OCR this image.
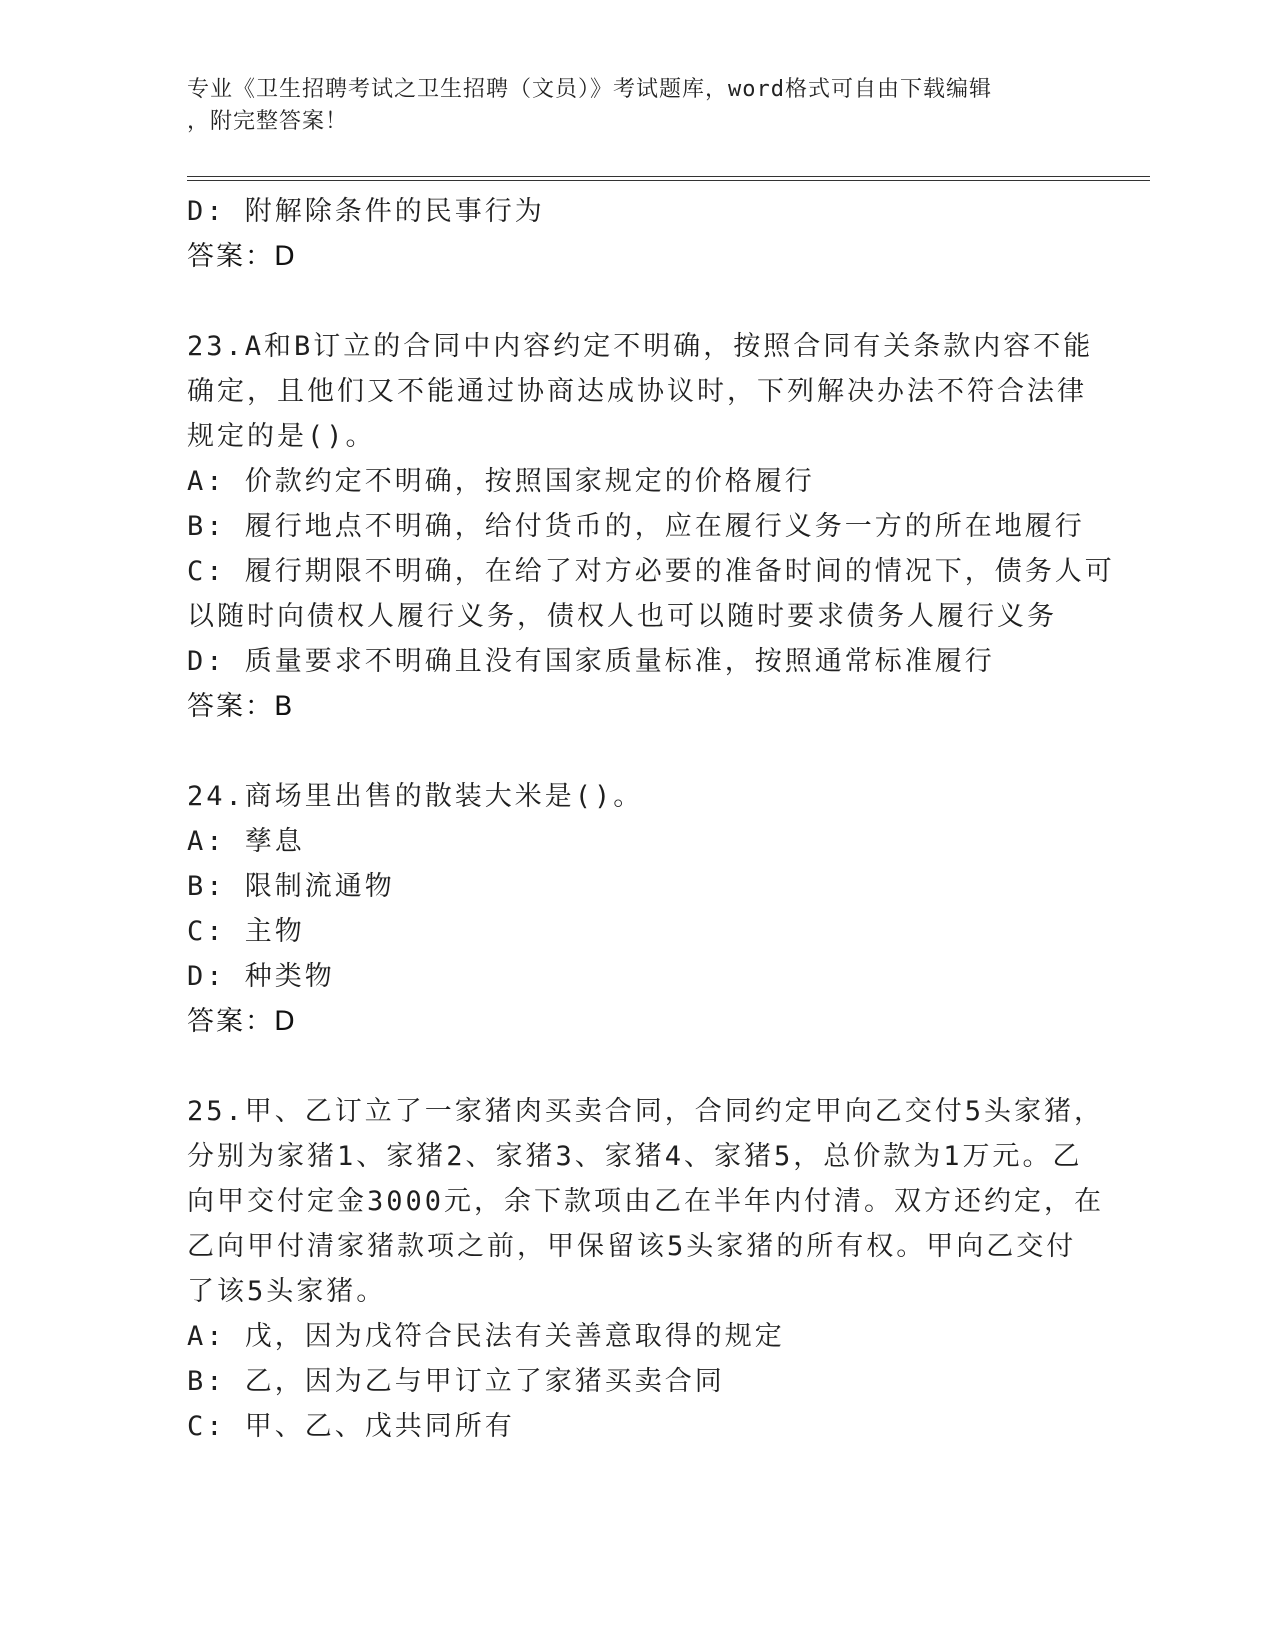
专业《卫生招聘考试之卫生招聘（文员）》考试题库，word格式可自由下载编辑
，附完整答案！
D: 附解除条件的民事行为
答案：D
23.A和B订立的合同中内容约定不明确，按照合同有关条款内容不能
确定，且他们又不能通过协商达成协议时，下列解决办法不符合法律
规定的是()。
A: 价款约定不明确，按照国家规定的价格履行
B: 履行地点不明确，给付货币的，应在履行义务一方的所在地履行
C: 履行期限不明确，在给了对方必要的准备时间的情况下，债务人可
以随时向债权人履行义务，债权人也可以随时要求债务人履行义务
D: 质量要求不明确且没有国家质量标准，按照通常标准履行
答案：B
24.商场里出售的散装大米是()。
A: 孳息
B: 限制流通物
C: 主物
D: 种类物
答案：D
25.甲、乙订立了一家猪肉买卖合同，合同约定甲向乙交付5头家猪，
分别为家猪1、家猪2、家猪3、家猪4、家猪5，总价款为1万元。乙
向甲交付定金3000元，余下款项由乙在半年内付清。双方还约定，在
乙向甲付清家猪款项之前，甲保留该5头家猪的所有权。甲向乙交付
了该5头家猪。
A: 戊，因为戊符合民法有关善意取得的规定
B: 乙，因为乙与甲订立了家猪买卖合同
C: 甲、乙、戊共同所有
